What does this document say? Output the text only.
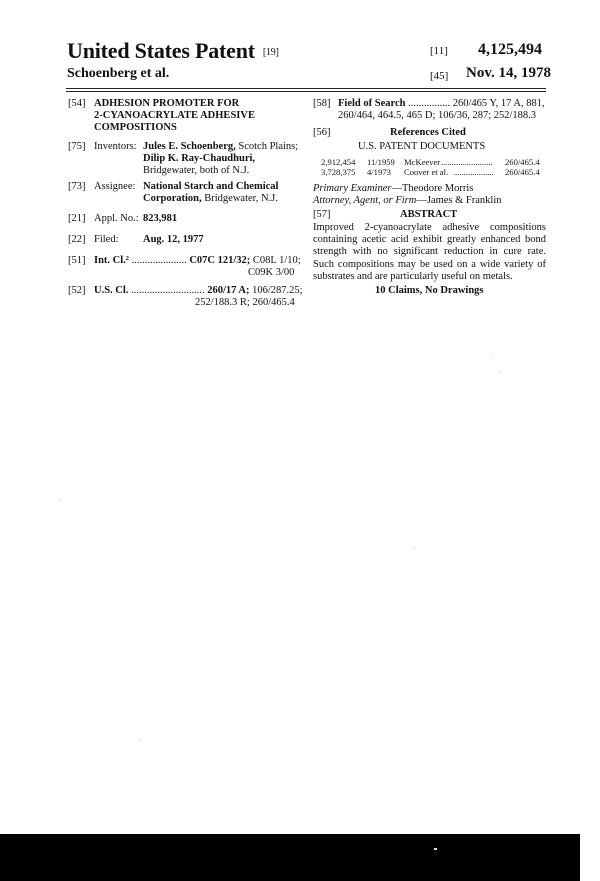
United States Patent [19]
Schoenberg et al.
[11] 4,125,494
[45] Nov. 14, 1978
[54] ADHESION PROMOTER FOR
2-CYANOACRYLATE ADHESIVE
COMPOSITIONS
[75] Inventors: Jules E. Schoenberg, Scotch Plains;
Dilip K. Ray-Chaudhuri,
Bridgewater, both of N.J.
[73] Assignee: National Starch and Chemical
Corporation, Bridgewater, N.J.
[21] Appl. No.: 823,981
[22] Filed: Aug. 12, 1977
[51] Int. Cl.² ..................... C07C 121/32; C08L 1/10;
C09K 3/00
[52] U.S. Cl. ............................ 260/17 A; 106/287.25;
252/188.3 R; 260/465.4
[58] Field of Search ................ 260/465 Y, 17 A, 881,
260/464, 464.5, 465 D; 106/36, 287; 252/188.3
[56]	References Cited
U.S. PATENT DOCUMENTS
2,912,454 11/1959 McKeever ........................ 260/465.4
3,728,375 4/1973 Coover et al. ................... 260/465.4
Primary Examiner—Theodore Morris
Attorney, Agent, or Firm—James & Franklin
[57]	ABSTRACT
Improved 2-cyanoacrylate adhesive compositions containing acetic acid exhibit greatly enhanced bond strength with no significant reduction in cure rate. Such compositions may be used on a wide variety of substrates and are particularly useful on metals.
10 Claims, No Drawings
